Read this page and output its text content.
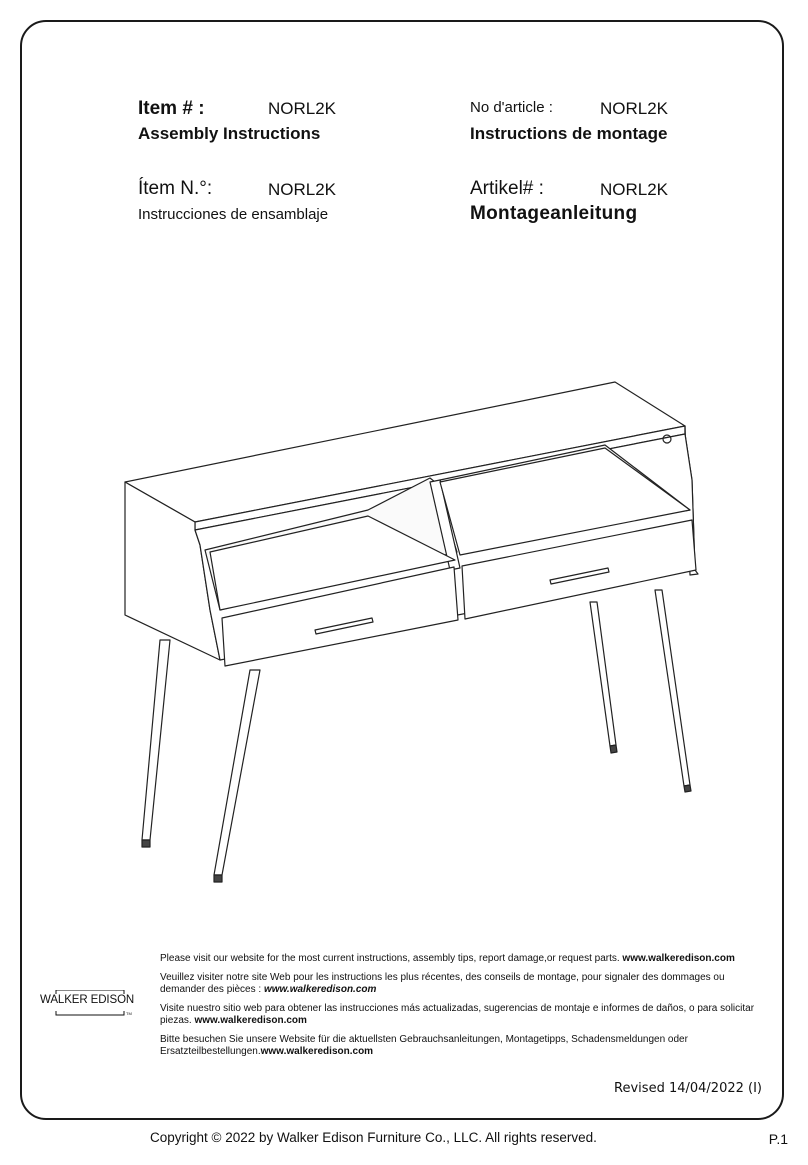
Item # :	NORL2K
Assembly Instructions
No d'article :	NORL2K
Instructions de montage
Ítem N.°:	NORL2K
Instrucciones de ensamblaje
Artikel# :	NORL2K
Montageanleitung

Please visit our website for the most current instructions, assembly tips, report damage,or request parts. www.walkeredison.com

Veuillez visiter notre site Web pour les instructions les plus récentes, des conseils de montage, pour signaler des dommages ou demander des pièces : www.walkeredison.com

Visite nuestro sitio web para obtener las instrucciones más actualizadas, sugerencias de montaje e informes de daños, o para solicitar piezas. www.walkeredison.com

Bitte besuchen Sie unsere Website für die aktuellsten Gebrauchsanleitungen, Montagetipps, Schadensmeldungen oder Ersatzteilbestellungen.www.walkeredison.com

WALKER EDISON
TM
Revised 14/04/2022 (I)
Copyright © 2022 by Walker Edison Furniture Co., LLC. All rights reserved.	P.1
